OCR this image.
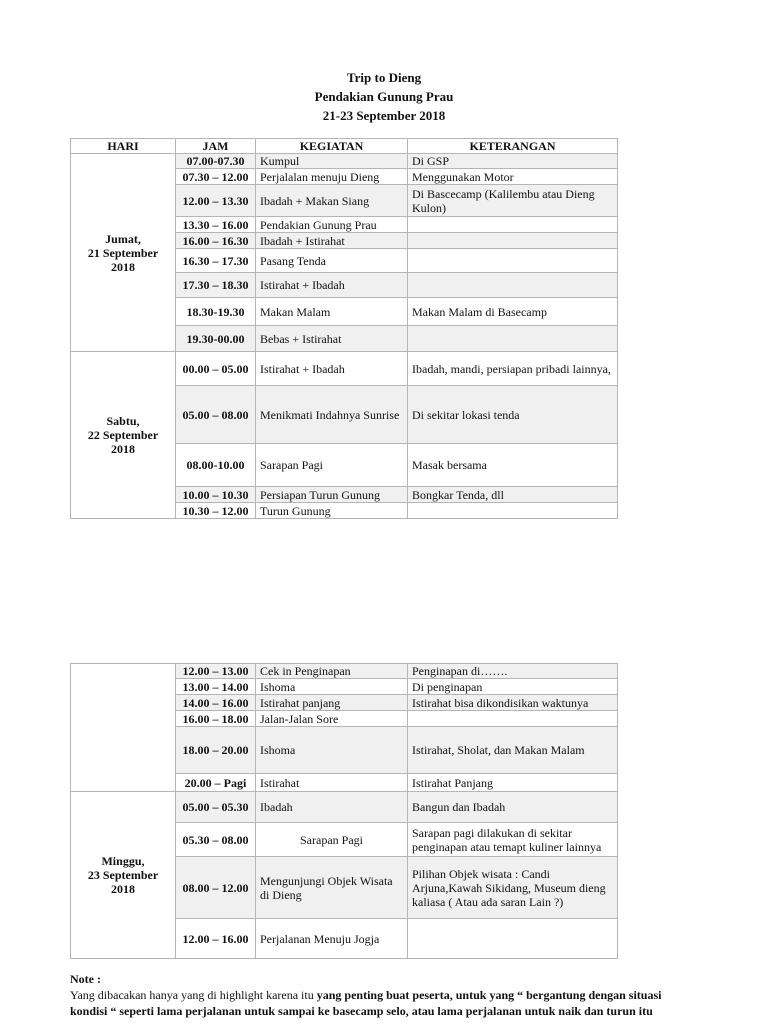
Trip to Dieng
Pendakian Gunung Prau
21-23 September 2018
HARI	JAM	KEGIATAN	KETERANGAN
Jumat,
21 September 2018	07.00-07.30	Kumpul	Di GSP
	07.30 – 12.00	Perjalalan menuju Dieng	Menggunakan Motor
	12.00 – 13.30	Ibadah + Makan Siang	Di Bascecamp (Kalilembu atau Dieng Kulon)
	13.30 – 16.00	Pendakian Gunung Prau	
	16.00 – 16.30	Ibadah + Istirahat	
	16.30 – 17.30	Pasang Tenda	
	17.30 – 18.30	Istirahat + Ibadah	
	18.30-19.30	Makan Malam	Makan Malam di Basecamp
	19.30-00.00	Bebas + Istirahat	
Sabtu,
22 September 2018	00.00 – 05.00	Istirahat + Ibadah	Ibadah, mandi, persiapan pribadi lainnya,
	05.00 – 08.00	Menikmati Indahnya Sunrise	Di sekitar lokasi tenda
	08.00-10.00	Sarapan Pagi	Masak bersama
	10.00 – 10.30	Persiapan Turun Gunung	Bongkar Tenda, dll
	10.30 – 12.00	Turun Gunung	
	12.00 – 13.00	Cek in Penginapan	Penginapan di…….
	13.00 – 14.00	Ishoma	Di penginapan
	14.00 – 16.00	Istirahat panjang	Istirahat bisa dikondisikan waktunya
	16.00 – 18.00	Jalan-Jalan Sore	
	18.00 – 20.00	Ishoma	Istirahat, Sholat, dan Makan Malam
	20.00 – Pagi	Istirahat	Istirahat Panjang
Minggu,
23 September 2018	05.00 – 05.30	Ibadah	Bangun dan Ibadah
	05.30 – 08.00	Sarapan Pagi	Sarapan pagi dilakukan di sekitar penginapan atau temapt kuliner lainnya
	08.00 – 12.00	Mengunjungi Objek Wisata di Dieng	Pilihan Objek wisata : Candi Arjuna,Kawah Sikidang, Museum dieng kaliasa ( Atau ada saran Lain ?)
	12.00 – 16.00	Perjalanan Menuju Jogja	
Note :
Yang dibacakan hanya yang di highlight karena itu yang penting buat peserta, untuk yang “ bergantung dengan situasi kondisi “ seperti lama perjalanan untuk sampai ke basecamp selo, atau lama perjalanan untuk naik dan turun itu
